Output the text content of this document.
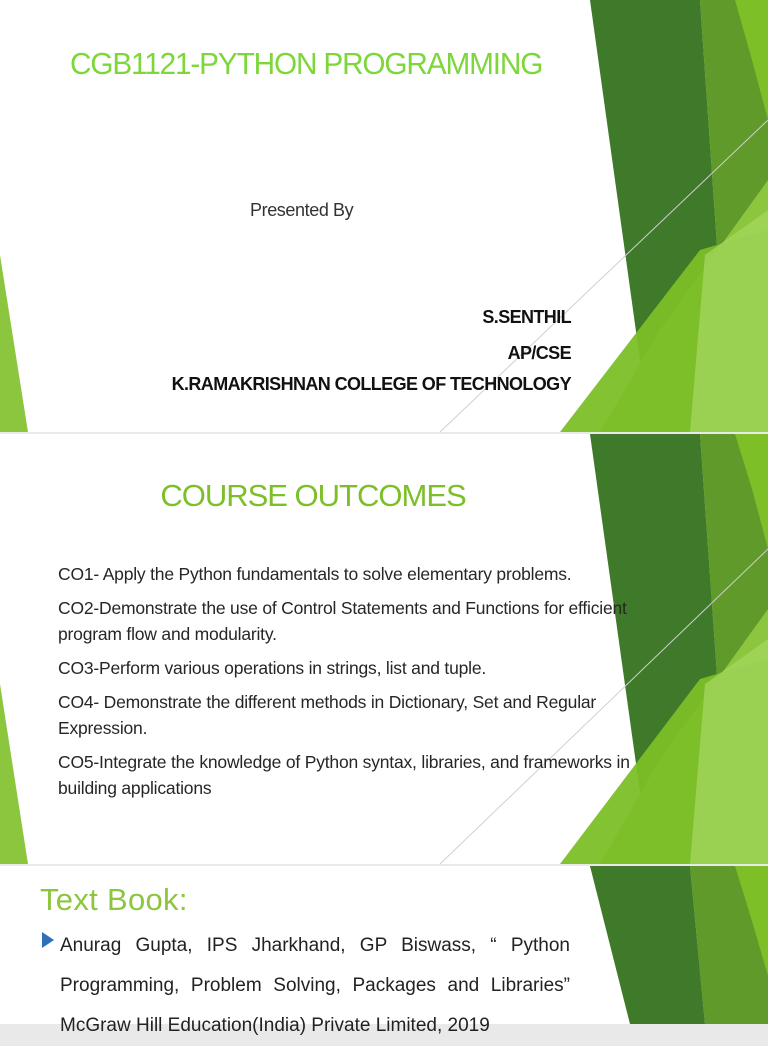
CGB1121-PYTHON PROGRAMMING

Presented By

S.SENTHIL

AP/CSE

K.RAMAKRISHNAN COLLEGE OF TECHNOLOGY

COURSE OUTCOMES

CO1- Apply the Python fundamentals to solve elementary problems.
CO2-Demonstrate the use of Control Statements and Functions for efficient program flow and modularity.
CO3-Perform various operations in strings, list and tuple.
CO4- Demonstrate the different methods in Dictionary, Set and Regular Expression.
CO5-Integrate the knowledge of Python syntax, libraries, and frameworks in building applications

Text Book:

Anurag Gupta, IPS Jharkhand, GP Biswass, “ Python Programming, Problem Solving, Packages and Libraries” McGraw Hill Education(India) Private Limited, 2019
